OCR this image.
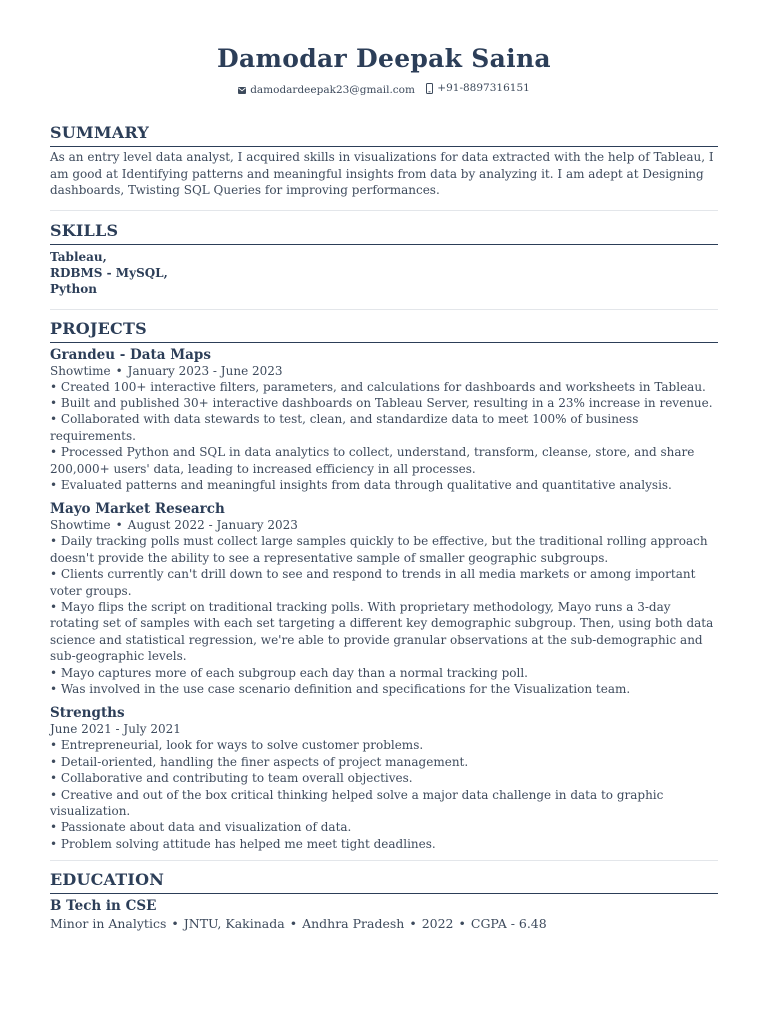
Damodar Deepak Saina
damodardeepak23@gmail.com
+91-8897316151
SUMMARY
As an entry level data analyst, I acquired skills in visualizations for data extracted with the help of Tableau, I am good at Identifying patterns and meaningful insights from data by analyzing it. I am adept at Designing dashboards, Twisting SQL Queries for improving performances.
SKILLS
Tableau,
RDBMS - MySQL,
Python
PROJECTS
Grandeu - Data Maps
Showtime • January 2023 - June 2023
• Created 100+ interactive filters, parameters, and calculations for dashboards and worksheets in Tableau.
• Built and published 30+ interactive dashboards on Tableau Server, resulting in a 23% increase in revenue.
• Collaborated with data stewards to test, clean, and standardize data to meet 100% of business requirements.
• Processed Python and SQL in data analytics to collect, understand, transform, cleanse, store, and share 200,000+ users' data, leading to increased efficiency in all processes.
• Evaluated patterns and meaningful insights from data through qualitative and quantitative analysis.
Mayo Market Research
Showtime • August 2022 - January 2023
• Daily tracking polls must collect large samples quickly to be effective, but the traditional rolling approach doesn't provide the ability to see a representative sample of smaller geographic subgroups.
• Clients currently can't drill down to see and respond to trends in all media markets or among important voter groups.
• Mayo flips the script on traditional tracking polls. With proprietary methodology, Mayo runs a 3-day rotating set of samples with each set targeting a different key demographic subgroup. Then, using both data science and statistical regression, we're able to provide granular observations at the sub-demographic and sub-geographic levels.
• Mayo captures more of each subgroup each day than a normal tracking poll.
• Was involved in the use case scenario definition and specifications for the Visualization team.
Strengths
June 2021 - July 2021
• Entrepreneurial, look for ways to solve customer problems.
• Detail-oriented, handling the finer aspects of project management.
• Collaborative and contributing to team overall objectives.
• Creative and out of the box critical thinking helped solve a major data challenge in data to graphic visualization.
• Passionate about data and visualization of data.
• Problem solving attitude has helped me meet tight deadlines.
EDUCATION
B Tech in CSE
Minor in Analytics • JNTU, Kakinada • Andhra Pradesh • 2022 • CGPA - 6.48
